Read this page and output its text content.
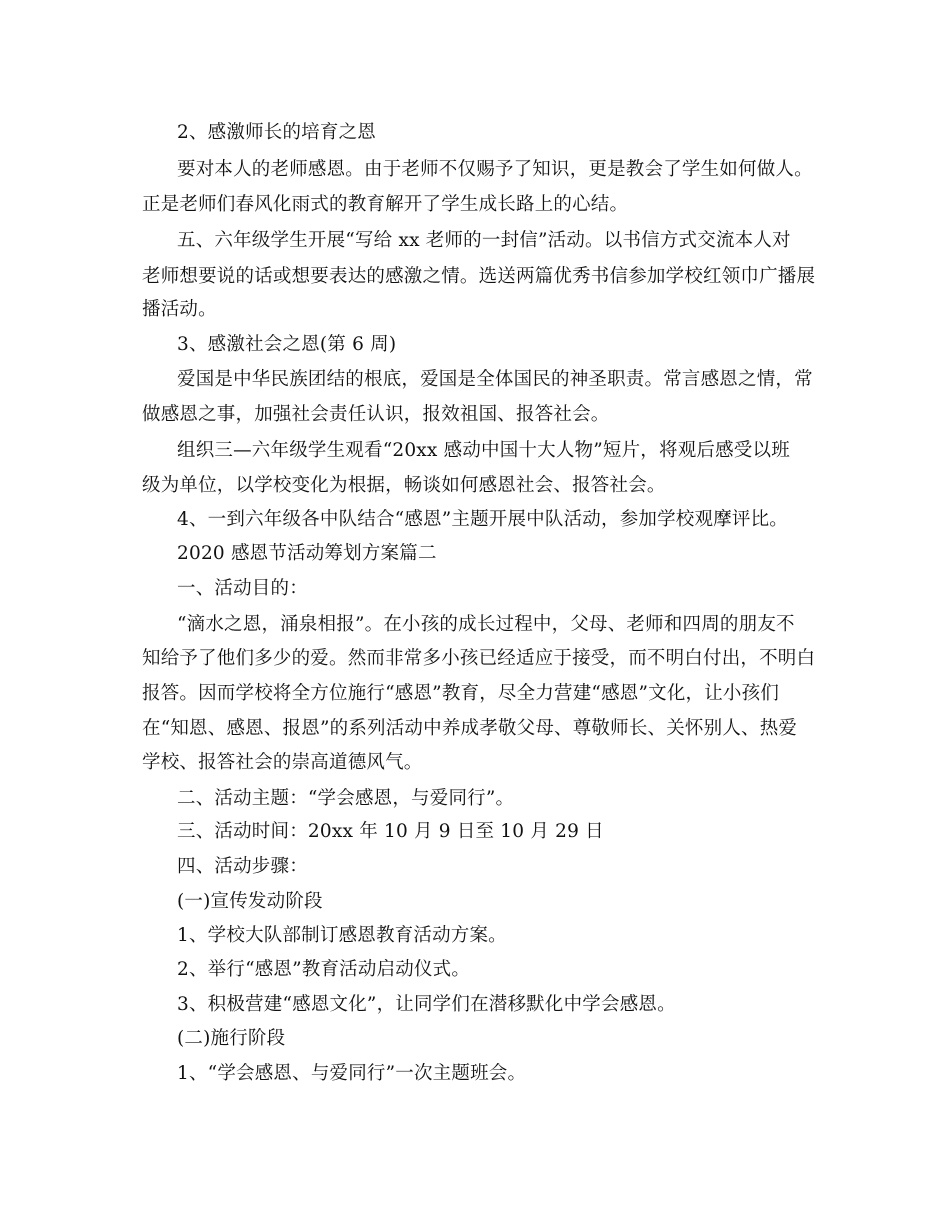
2、感激师长的培育之恩
要对本人的老师感恩。由于老师不仅赐予了知识，更是教会了学生如何做人。
正是老师们春风化雨式的教育解开了学生成长路上的心结。
五、六年级学生开展“写给 xx 老师的一封信”活动。以书信方式交流本人对
老师想要说的话或想要表达的感激之情。选送两篇优秀书信参加学校红领巾广播展
播活动。
3、感激社会之恩(第 6 周)
爱国是中华民族团结的根底，爱国是全体国民的神圣职责。常言感恩之情，常
做感恩之事，加强社会责任认识，报效祖国、报答社会。
组织三—六年级学生观看“20xx 感动中国十大人物”短片，将观后感受以班
级为单位，以学校变化为根据，畅谈如何感恩社会、报答社会。
4、一到六年级各中队结合“感恩”主题开展中队活动，参加学校观摩评比。
2020 感恩节活动筹划方案篇二
一、活动目的：
“滴水之恩，涌泉相报”。在小孩的成长过程中，父母、老师和四周的朋友不
知给予了他们多少的爱。然而非常多小孩已经适应于接受，而不明白付出，不明白
报答。因而学校将全方位施行“感恩”教育，尽全力营建“感恩”文化，让小孩们
在“知恩、感恩、报恩”的系列活动中养成孝敬父母、尊敬师长、关怀别人、热爱
学校、报答社会的崇高道德风气。
二、活动主题：“学会感恩，与爱同行”。
三、活动时间：20xx 年 10 月 9 日至 10 月 29 日
四、活动步骤：
(一)宣传发动阶段
1、学校大队部制订感恩教育活动方案。
2、举行“感恩”教育活动启动仪式。
3、积极营建“感恩文化”，让同学们在潜移默化中学会感恩。
(二)施行阶段
1、“学会感恩、与爱同行”一次主题班会。
